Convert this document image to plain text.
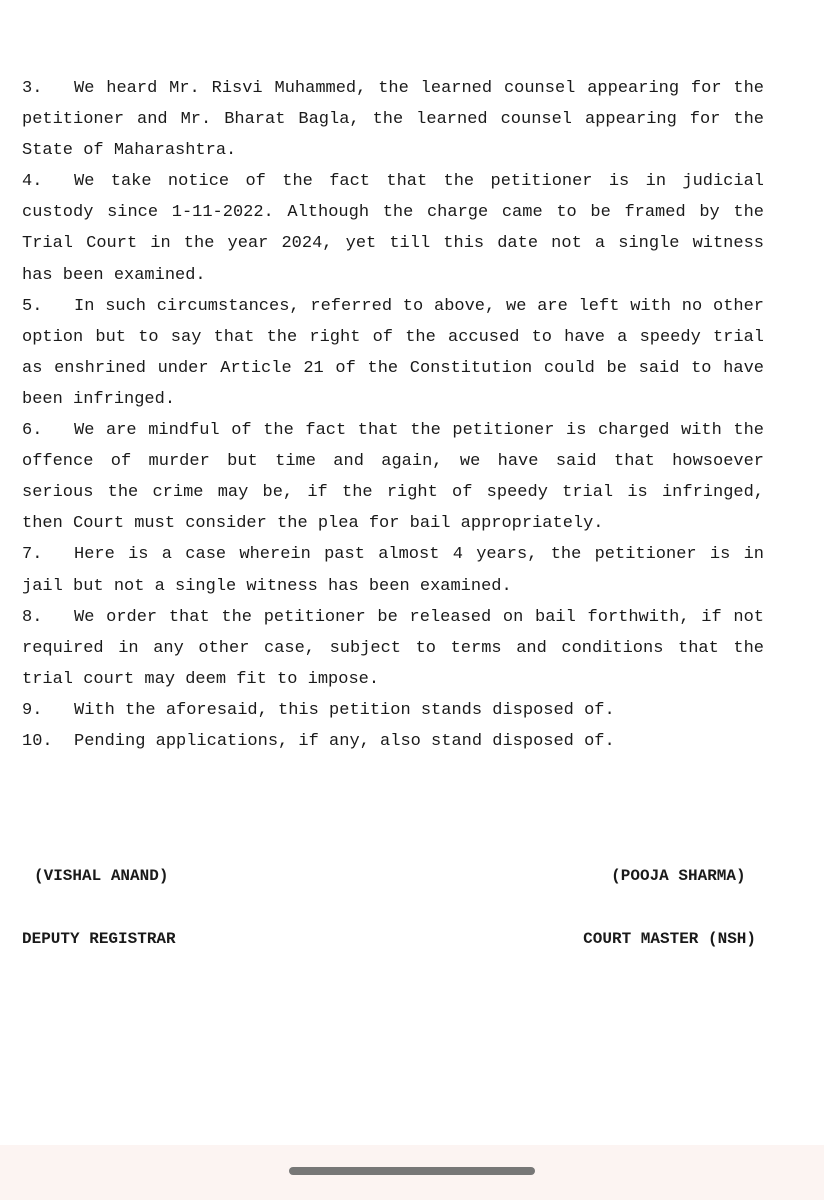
3. We heard Mr. Risvi Muhammed, the learned counsel appearing for the petitioner and Mr. Bharat Bagla, the learned counsel appearing for the State of Maharashtra.

4. We take notice of the fact that the petitioner is in judicial custody since 1-11-2022. Although the charge came to be framed by the Trial Court in the year 2024, yet till this date not a single witness has been examined.

5. In such circumstances, referred to above, we are left with no other option but to say that the right of the accused to have a speedy trial as enshrined under Article 21 of the Constitution could be said to have been infringed.

6. We are mindful of the fact that the petitioner is charged with the offence of murder but time and again, we have said that howsoever serious the crime may be, if the right of speedy trial is infringed, then Court must consider the plea for bail appropriately.

7. Here is a case wherein past almost 4 years, the petitioner is in jail but not a single witness has been examined.

8. We order that the petitioner be released on bail forthwith, if not required in any other case, subject to terms and conditions that the trial court may deem fit to impose.

9. With the aforesaid, this petition stands disposed of.

10. Pending applications, if any, also stand disposed of.

(VISHAL ANAND)

DEPUTY REGISTRAR

(POOJA SHARMA)

COURT MASTER (NSH)
